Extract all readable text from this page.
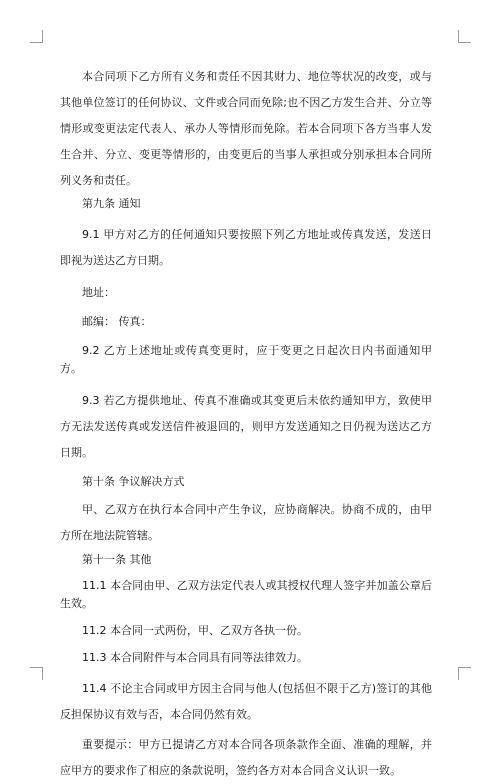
本合同项下乙方所有义务和责任不因其财力、地位等状况的改变，或与其他单位签订的任何协议、文件或合同而免除;也不因乙方发生合并、分立等情形或变更法定代表人、承办人等情形而免除。若本合同项下各方当事人发生合并、分立、变更等情形的，由变更后的当事人承担或分别承担本合同所列义务和责任。

第九条 通知

9.1 甲方对乙方的任何通知只要按照下列乙方地址或传真发送，发送日即视为送达乙方日期。

地址：

邮编： 传真：

9.2 乙方上述地址或传真变更时，应于变更之日起次日内书面通知甲方。

9.3 若乙方提供地址、传真不准确或其变更后未依约通知甲方，致使甲方无法发送传真或发送信件被退回的，则甲方发送通知之日仍视为送达乙方日期。

第十条 争议解决方式

甲、乙双方在执行本合同中产生争议，应协商解决。协商不成的，由甲方所在地法院管辖。

第十一条 其他

11.1 本合同由甲、乙双方法定代表人或其授权代理人签字并加盖公章后生效。

11.2 本合同一式两份，甲、乙双方各执一份。

11.3 本合同附件与本合同具有同等法律效力。

11.4 不论主合同或甲方因主合同与他人(包括但不限于乙方)签订的其他反担保协议有效与否，本合同仍然有效。

重要提示：甲方已提请乙方对本合同各项条款作全面、准确的理解，并应甲方的要求作了相应的条款说明，签约各方对本合同含义认识一致。
